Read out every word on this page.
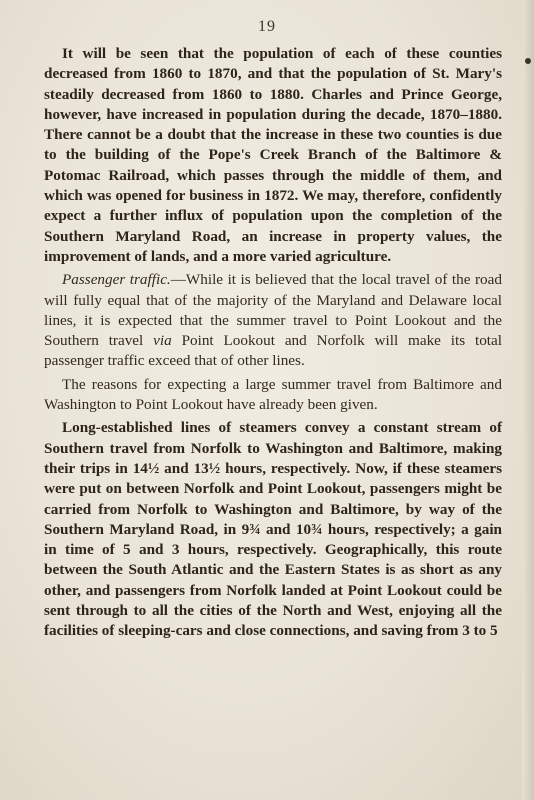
19

It will be seen that the population of each of these counties decreased from 1860 to 1870, and that the population of St. Mary's steadily decreased from 1860 to 1880. Charles and Prince George, however, have increased in population during the decade, 1870–1880. There cannot be a doubt that the increase in these two counties is due to the building of the Pope's Creek Branch of the Baltimore & Potomac Railroad, which passes through the middle of them, and which was opened for business in 1872. We may, therefore, confidently expect a further influx of population upon the completion of the Southern Maryland Road, an increase in property values, the improvement of lands, and a more varied agriculture.

Passenger traffic.—While it is believed that the local travel of the road will fully equal that of the majority of the Maryland and Delaware local lines, it is expected that the summer travel to Point Lookout and the Southern travel via Point Lookout and Norfolk will make its total passenger traffic exceed that of other lines.

The reasons for expecting a large summer travel from Baltimore and Washington to Point Lookout have already been given.

Long-established lines of steamers convey a constant stream of Southern travel from Norfolk to Washington and Baltimore, making their trips in 14½ and 13½ hours, respectively. Now, if these steamers were put on between Norfolk and Point Lookout, passengers might be carried from Norfolk to Washington and Baltimore, by way of the Southern Maryland Road, in 9¾ and 10¾ hours, respectively; a gain in time of 5 and 3 hours, respectively. Geographically, this route between the South Atlantic and the Eastern States is as short as any other, and passengers from Norfolk landed at Point Lookout could be sent through to all the cities of the North and West, enjoying all the facilities of sleeping-cars and close connections, and saving from 3 to 5
